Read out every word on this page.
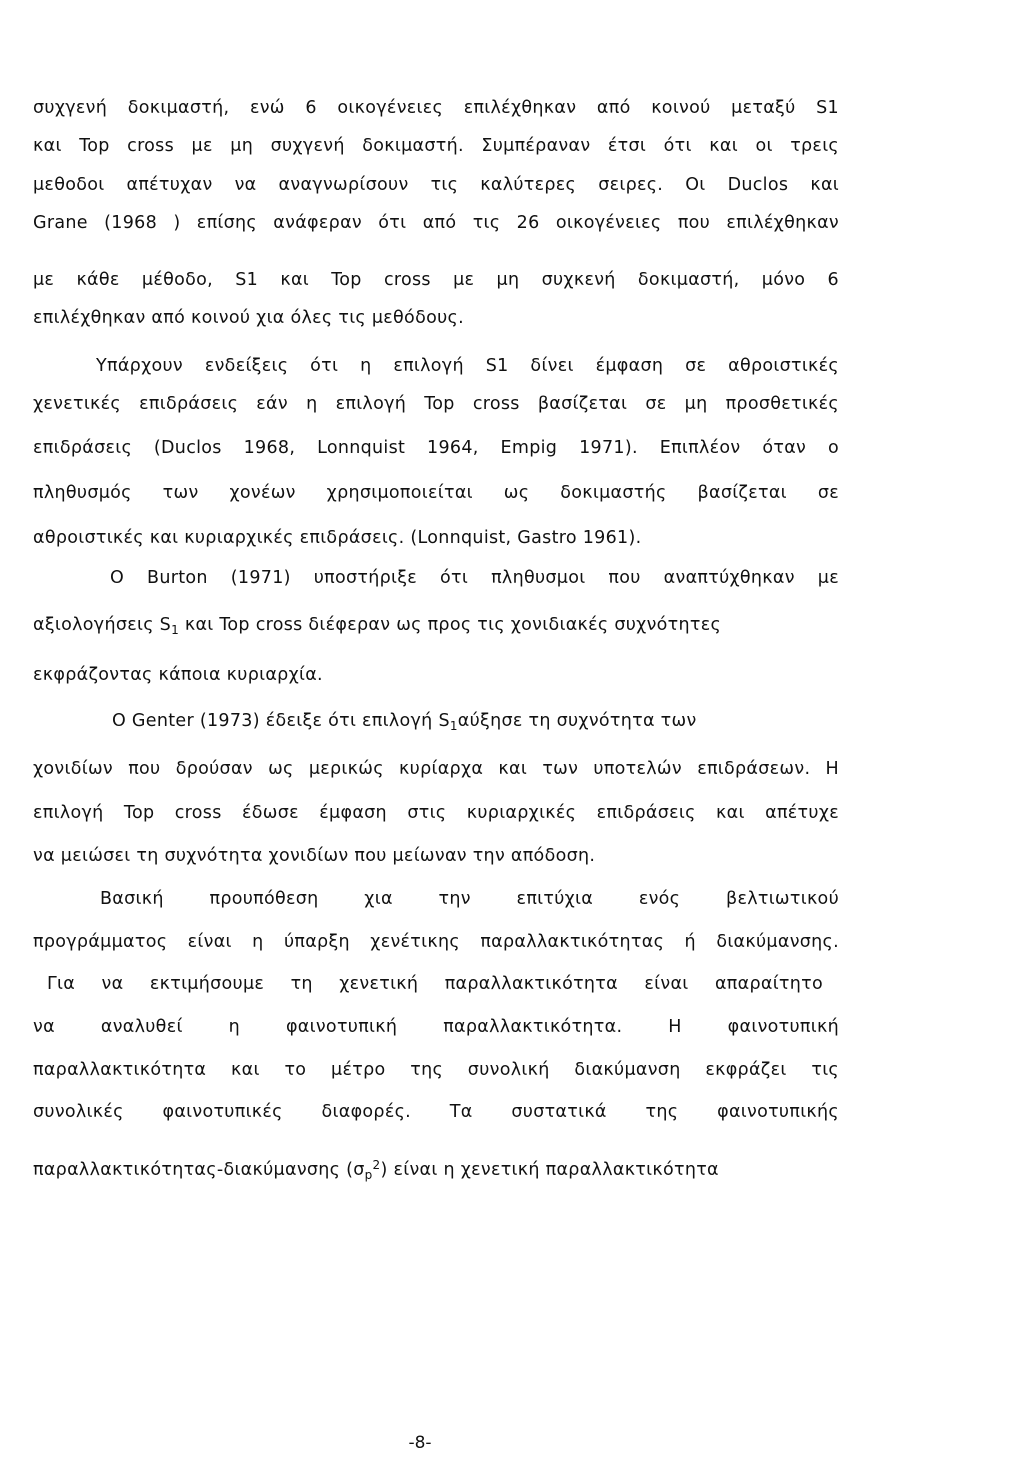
συχγενή δοκιμαστή, ενώ 6 οικογένειες επιλέχθηκαν από κοινού μεταξύ S1
και Top cross με μη συχγενή δοκιμαστή. Συμπέραναν έτσι ότι και οι τρεις
μεθοδοι απέτυχαν να αναγνωρίσουν τις καλύτερες σειρες. Οι Duclos και
Grane (1968 ) επίσης ανάφεραν ότι από τις 26 οικογένειες που επιλέχθηκαν
με κάθε μέθοδο, S1 και Top cross με μη συχκενή δοκιμαστή, μόνο 6
επιλέχθηκαν από κοινού χια όλες τις μεθόδους.
Υπάρχουν ενδείξεις ότι η επιλογή S1 δίνει έμφαση σε αθροιστικές
χενετικές επιδράσεις εάν η επιλογή Top cross βασίζεται σε μη προσθετικές
επιδράσεις (Duclos 1968, Lonnquist 1964, Empig 1971). Επιπλέον όταν ο
πληθυσμός των χονέων χρησιμοποιείται ως δοκιμαστής βασίζεται σε
αθροιστικές και κυριαρχικές επιδράσεις. (Lonnquist, Gastro 1961).
Ο Burton (1971) υποστήριξε ότι πληθυσμοι που αναπτύχθηκαν με
αξιολογήσεις $S_1$ και Top cross διέφεραν ως προς τις χονιδιακές συχνότητες
εκφράζοντας κάποια κυριαρχία.
Ο Genter (1973) έδειξε ότι επιλογή $S_1\alpha ύ\xi\eta\sigma\varepsilon$ τη συχνότητα των
χονιδίων που δρούσαν ως μερικώς κυρίαρχα και των υποτελών επιδράσεων. Η
επιλογή Top cross έδωσε έμφαση στις κυριαρχικές επιδράσεις και απέτυχε
να μειώσει τη συχνότητα χονιδίων που μείωναν την απόδοση.
Βασική προυπόθεση χια την επιτύχια ενός βελτιωτικού
προγράμματος είναι η ύπαρξη χενέτικης παραλλακτικότητας ή διακύμανσης.
Για να εκτιμήσουμε τη χενετική παραλλακτικότητα είναι απαραίτητο
να αναλυθεί η φαινοτυπική παραλλακτικότητα. Η φαινοτυπική
παραλλακτικότητα και το μέτρο της συνολική διακύμανση εκφράζει τις
συνολικές φαινοτυπικές διαφορές. Τα συστατικά της φαινοτυπικής
παραλλακτικότητας-διακύμανσης $(\sigma_p^2)$ είναι η χενετική παραλλακτικότητα
-8-
